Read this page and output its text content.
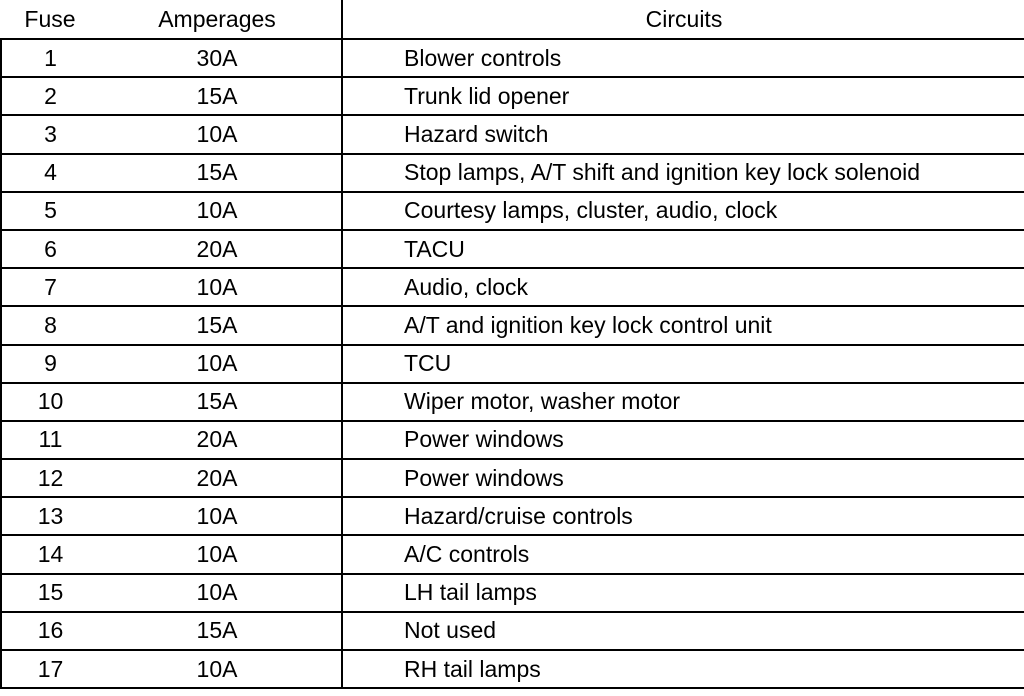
Fuse	Amperages	Circuits
1	30A	Blower controls
2	15A	Trunk lid opener
3	10A	Hazard switch
4	15A	Stop lamps, A/T shift and ignition key lock solenoid
5	10A	Courtesy lamps, cluster, audio, clock
6	20A	TACU
7	10A	Audio, clock
8	15A	A/T and ignition key lock control unit
9	10A	TCU
10	15A	Wiper motor, washer motor
11	20A	Power windows
12	20A	Power windows
13	10A	Hazard/cruise controls
14	10A	A/C controls
15	10A	LH tail lamps
16	15A	Not used
17	10A	RH tail lamps
